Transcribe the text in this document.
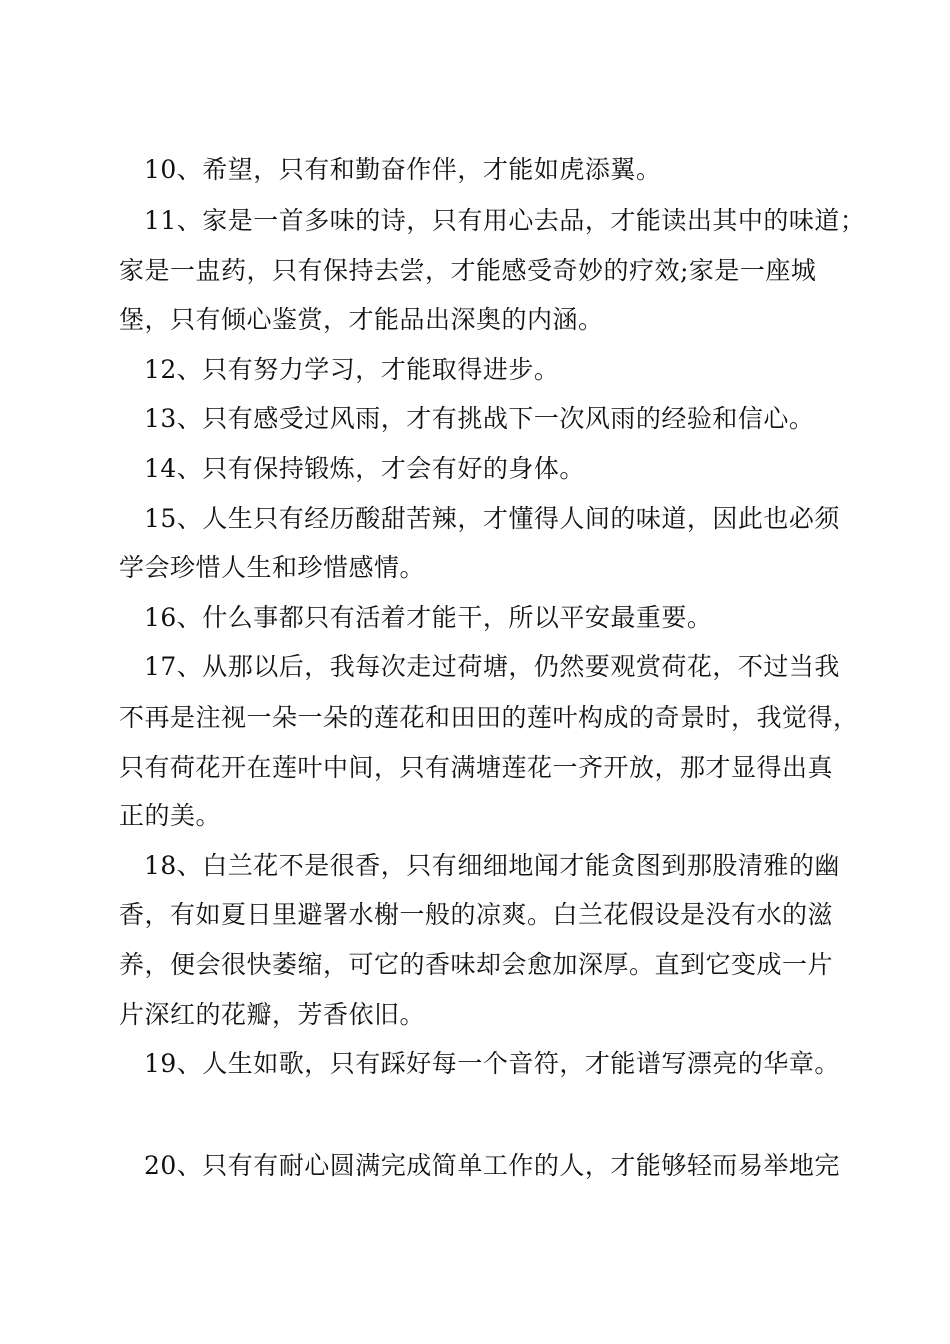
10、希望，只有和勤奋作伴，才能如虎添翼。
11、家是一首多味的诗，只有用心去品，才能读出其中的味道；
家是一盅药，只有保持去尝，才能感受奇妙的疗效;家是一座城
堡，只有倾心鉴赏，才能品出深奥的内涵。
12、只有努力学习，才能取得进步。
13、只有感受过风雨，才有挑战下一次风雨的经验和信心。
14、只有保持锻炼，才会有好的身体。
15、人生只有经历酸甜苦辣，才懂得人间的味道，因此也必须
学会珍惜人生和珍惜感情。
16、什么事都只有活着才能干，所以平安最重要。
17、从那以后，我每次走过荷塘，仍然要观赏荷花，不过当我
不再是注视一朵一朵的莲花和田田的莲叶构成的奇景时，我觉得，
只有荷花开在莲叶中间，只有满塘莲花一齐开放，那才显得出真
正的美。
18、白兰花不是很香，只有细细地闻才能贪图到那股清雅的幽
香，有如夏日里避署水榭一般的凉爽。白兰花假设是没有水的滋
养，便会很快萎缩，可它的香味却会愈加深厚。直到它变成一片
片深红的花瓣，芳香依旧。
19、人生如歌，只有踩好每一个音符，才能谱写漂亮的华章。
20、只有有耐心圆满完成简单工作的人，才能够轻而易举地完
